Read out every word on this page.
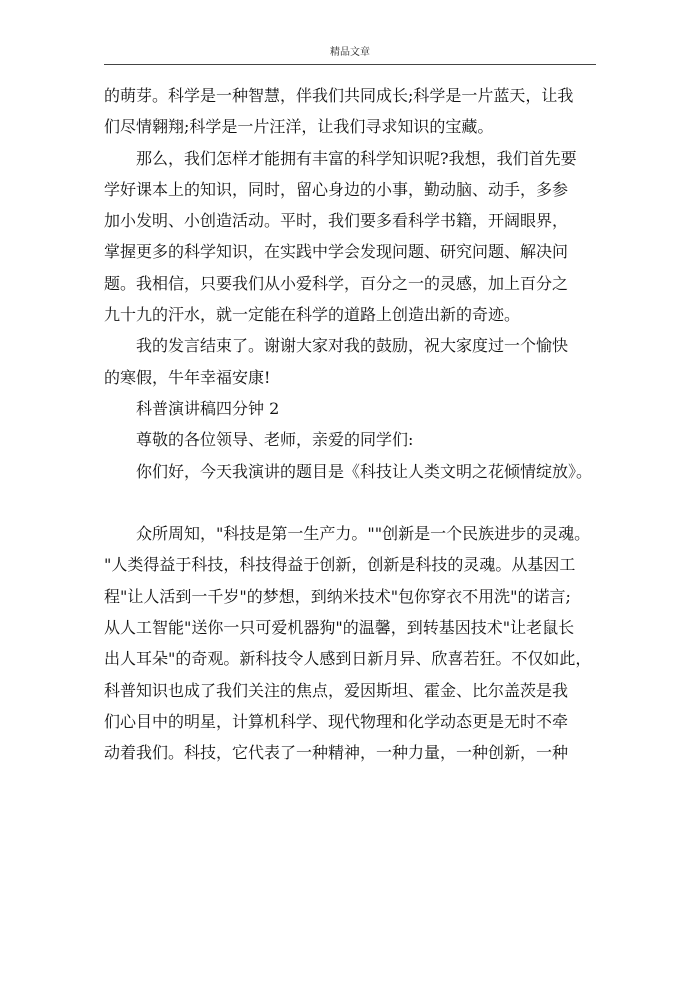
精品文章
的萌芽。科学是一种智慧，伴我们共同成长;科学是一片蓝天，让我
们尽情翱翔;科学是一片汪洋，让我们寻求知识的宝藏。
那么，我们怎样才能拥有丰富的科学知识呢?我想，我们首先要
学好课本上的知识，同时，留心身边的小事，勤动脑、动手，多参
加小发明、小创造活动。平时，我们要多看科学书籍，开阔眼界，
掌握更多的科学知识，在实践中学会发现问题、研究问题、解决问
题。我相信，只要我们从小爱科学，百分之一的灵感，加上百分之
九十九的汗水，就一定能在科学的道路上创造出新的奇迹。
我的发言结束了。谢谢大家对我的鼓励，祝大家度过一个愉快
的寒假，牛年幸福安康!
科普演讲稿四分钟 2
尊敬的各位领导、老师，亲爱的同学们:
你们好，今天我演讲的题目是《科技让人类文明之花倾情绽放》。
众所周知，"科技是第一生产力。""创新是一个民族进步的灵魂。
"人类得益于科技，科技得益于创新，创新是科技的灵魂。从基因工
程"让人活到一千岁"的梦想，到纳米技术"包你穿衣不用洗"的诺言;
从人工智能"送你一只可爱机器狗"的温馨，到转基因技术"让老鼠长
出人耳朵"的奇观。新科技令人感到日新月异、欣喜若狂。不仅如此，
科普知识也成了我们关注的焦点，爱因斯坦、霍金、比尔盖茨是我
们心目中的明星，计算机科学、现代物理和化学动态更是无时不牵
动着我们。科技，它代表了一种精神，一种力量，一种创新，一种
